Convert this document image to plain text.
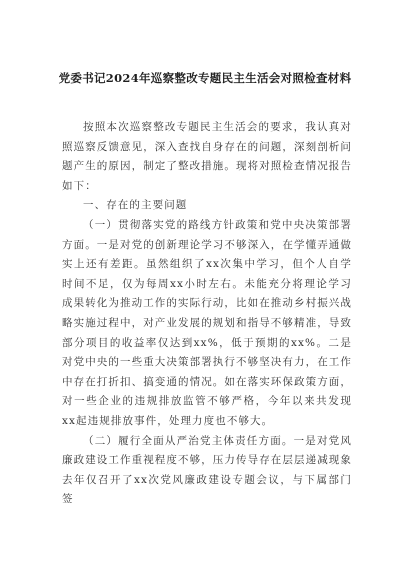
党委书记2024年巡察整改专题民主生活会对照检查材料

按照本次巡察整改专题民主生活会的要求，我认真对照巡察反馈意见，深入查找自身存在的问题，深刻剖析问题产生的原因，制定了整改措施。现将对照检查情况报告如下：

一、存在的主要问题

（一）贯彻落实党的路线方针政策和党中央决策部署方面。一是对党的创新理论学习不够深入，在学懂弄通做实上还有差距。虽然组织了xx次集中学习，但个人自学时间不足，仅为每周xx小时左右。未能充分将理论学习成果转化为推动工作的实际行动，比如在推动乡村振兴战略实施过程中，对产业发展的规划和指导不够精准，导致部分项目的收益率仅达到xx%，低于预期的xx%。二是对党中央的一些重大决策部署执行不够坚决有力，在工作中存在打折扣、搞变通的情况。如在落实环保政策方面，对一些企业的违规排放监管不够严格，今年以来共发现xx起违规排放事件，处理力度也不够大。

（二）履行全面从严治党主体责任方面。一是对党风廉政建设工作重视程度不够，压力传导存在层层递减现象去年仅召开了xx次党风廉政建设专题会议，与下属部门签
